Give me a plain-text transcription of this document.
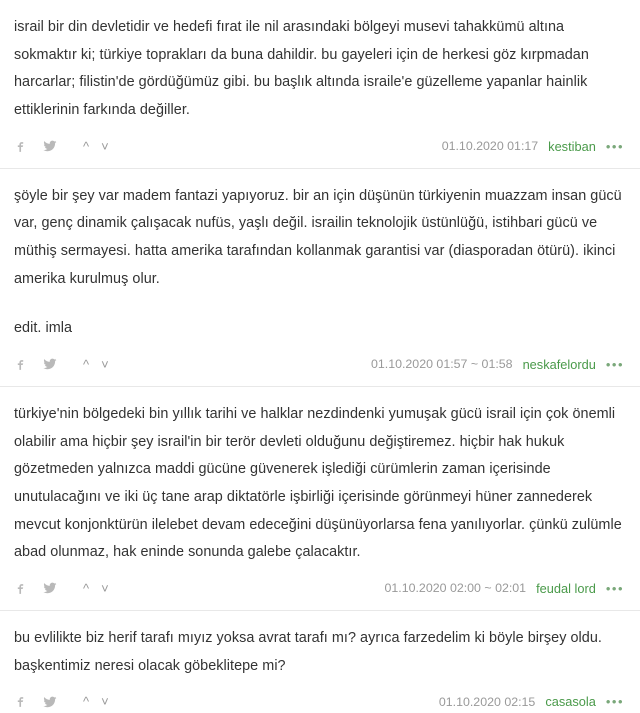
israil bir din devletidir ve hedefi fırat ile nil arasındaki bölgeyi musevi tahakkümü altına sokmaktır ki; türkiye toprakları da buna dahildir. bu gayeleri için de herkesi göz kırpmadan harcarlar; filistin'de gördüğümüz gibi. bu başlık altında israile'e güzelleme yapanlar hainlik ettiklerinin farkında değiller.

^ ˅	01.10.2020 01:17 kestiban •••

şöyle bir şey var madem fantazi yapıyoruz. bir an için düşünün türkiyenin muazzam insan gücü var, genç dinamik çalışacak nufüs, yaşlı değil. israilin teknolojik üstünlüğü, istihbari gücü ve müthiş sermayesi. hatta amerika tarafından kollanmak garantisi var (diasporadan ötürü). ikinci amerika kurulmuş olur.

edit. imla

^ ˅	01.10.2020 01:57 ~ 01:58 neskafelordu •••

türkiye'nin bölgedeki bin yıllık tarihi ve halklar nezdindenki yumuşak gücü israil için çok önemli olabilir ama hiçbir şey israil'in bir terör devleti olduğunu değiştiremez. hiçbir hak hukuk gözetmeden yalnızca maddi gücüne güvenerek işlediği cürümlerin zaman içerisinde unutulacağını ve iki üç tane arap diktatörle işbirliği içerisinde görünmeyi hüner zannederek mevcut konjonktürün ilelebet devam edeceğini düşünüyorlarsa fena yanılıyorlar. çünkü zulümle abad olunmaz, hak eninde sonunda galebe çalacaktır.

^ ˅	01.10.2020 02:00 ~ 02:01 feudal lord •••

bu evlilikte biz herif tarafı mıyız yoksa avrat tarafı mı? ayrıca farzedelim ki böyle birşey oldu. başkentimiz neresi olacak göbeklitepe mi?

^ ˅	01.10.2020 02:15 casasola •••
